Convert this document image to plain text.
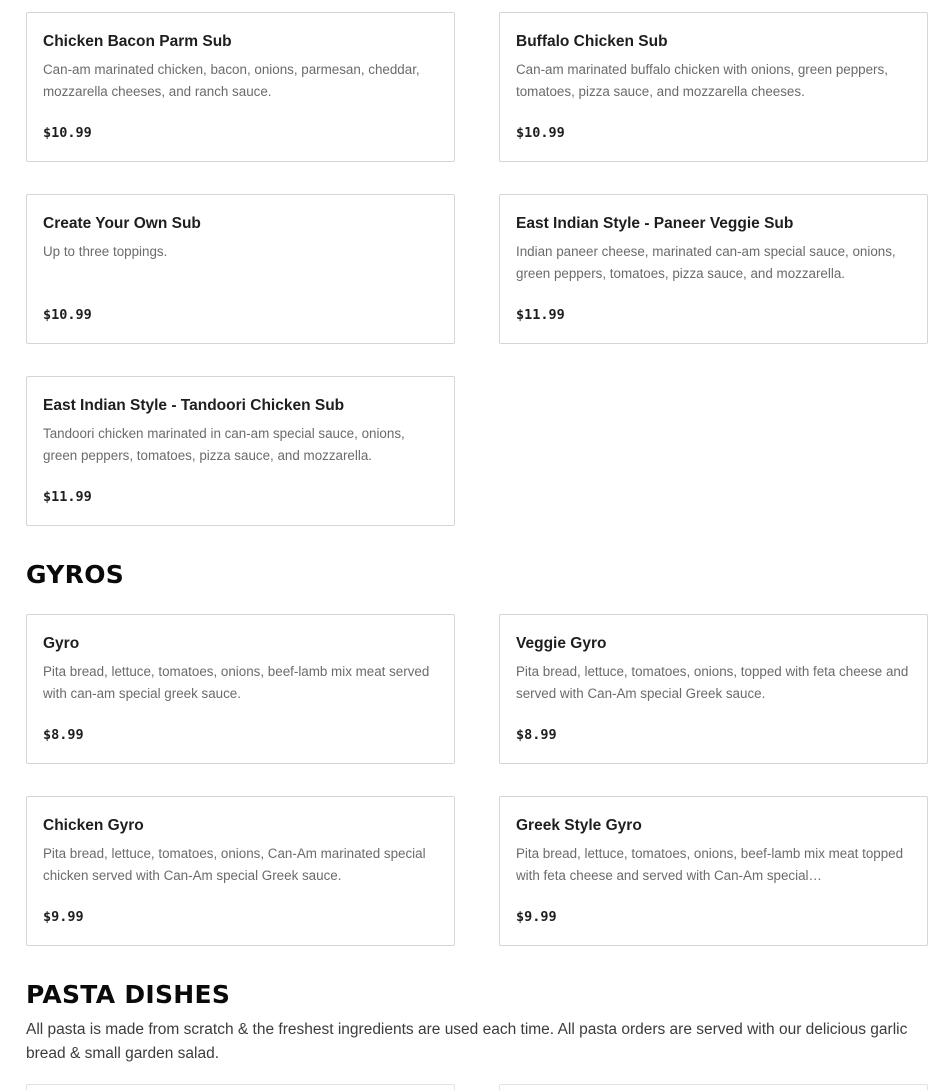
Chicken Bacon Parm Sub
Can-am marinated chicken, bacon, onions, parmesan, cheddar, mozzarella cheeses, and ranch sauce.
$10.99
Buffalo Chicken Sub
Can-am marinated buffalo chicken with onions, green peppers, tomatoes, pizza sauce, and mozzarella cheeses.
$10.99
Create Your Own Sub
Up to three toppings.
$10.99
East Indian Style - Paneer Veggie Sub
Indian paneer cheese, marinated can-am special sauce, onions, green peppers, tomatoes, pizza sauce, and mozzarella.
$11.99
East Indian Style - Tandoori Chicken Sub
Tandoori chicken marinated in can-am special sauce, onions, green peppers, tomatoes, pizza sauce, and mozzarella.
$11.99
GYROS
Gyro
Pita bread, lettuce, tomatoes, onions, beef-lamb mix meat served with can-am special greek sauce.
$8.99
Veggie Gyro
Pita bread, lettuce, tomatoes, onions, topped with feta cheese and served with Can-Am special Greek sauce.
$8.99
Chicken Gyro
Pita bread, lettuce, tomatoes, onions, Can-Am marinated special chicken served with Can-Am special Greek sauce.
$9.99
Greek Style Gyro
Pita bread, lettuce, tomatoes, onions, beef-lamb mix meat topped with feta cheese and served with Can-Am special…
$9.99
PASTA DISHES

All pasta is made from scratch & the freshest ingredients are used each time. All pasta orders are served with our delicious garlic bread & small garden salad.
